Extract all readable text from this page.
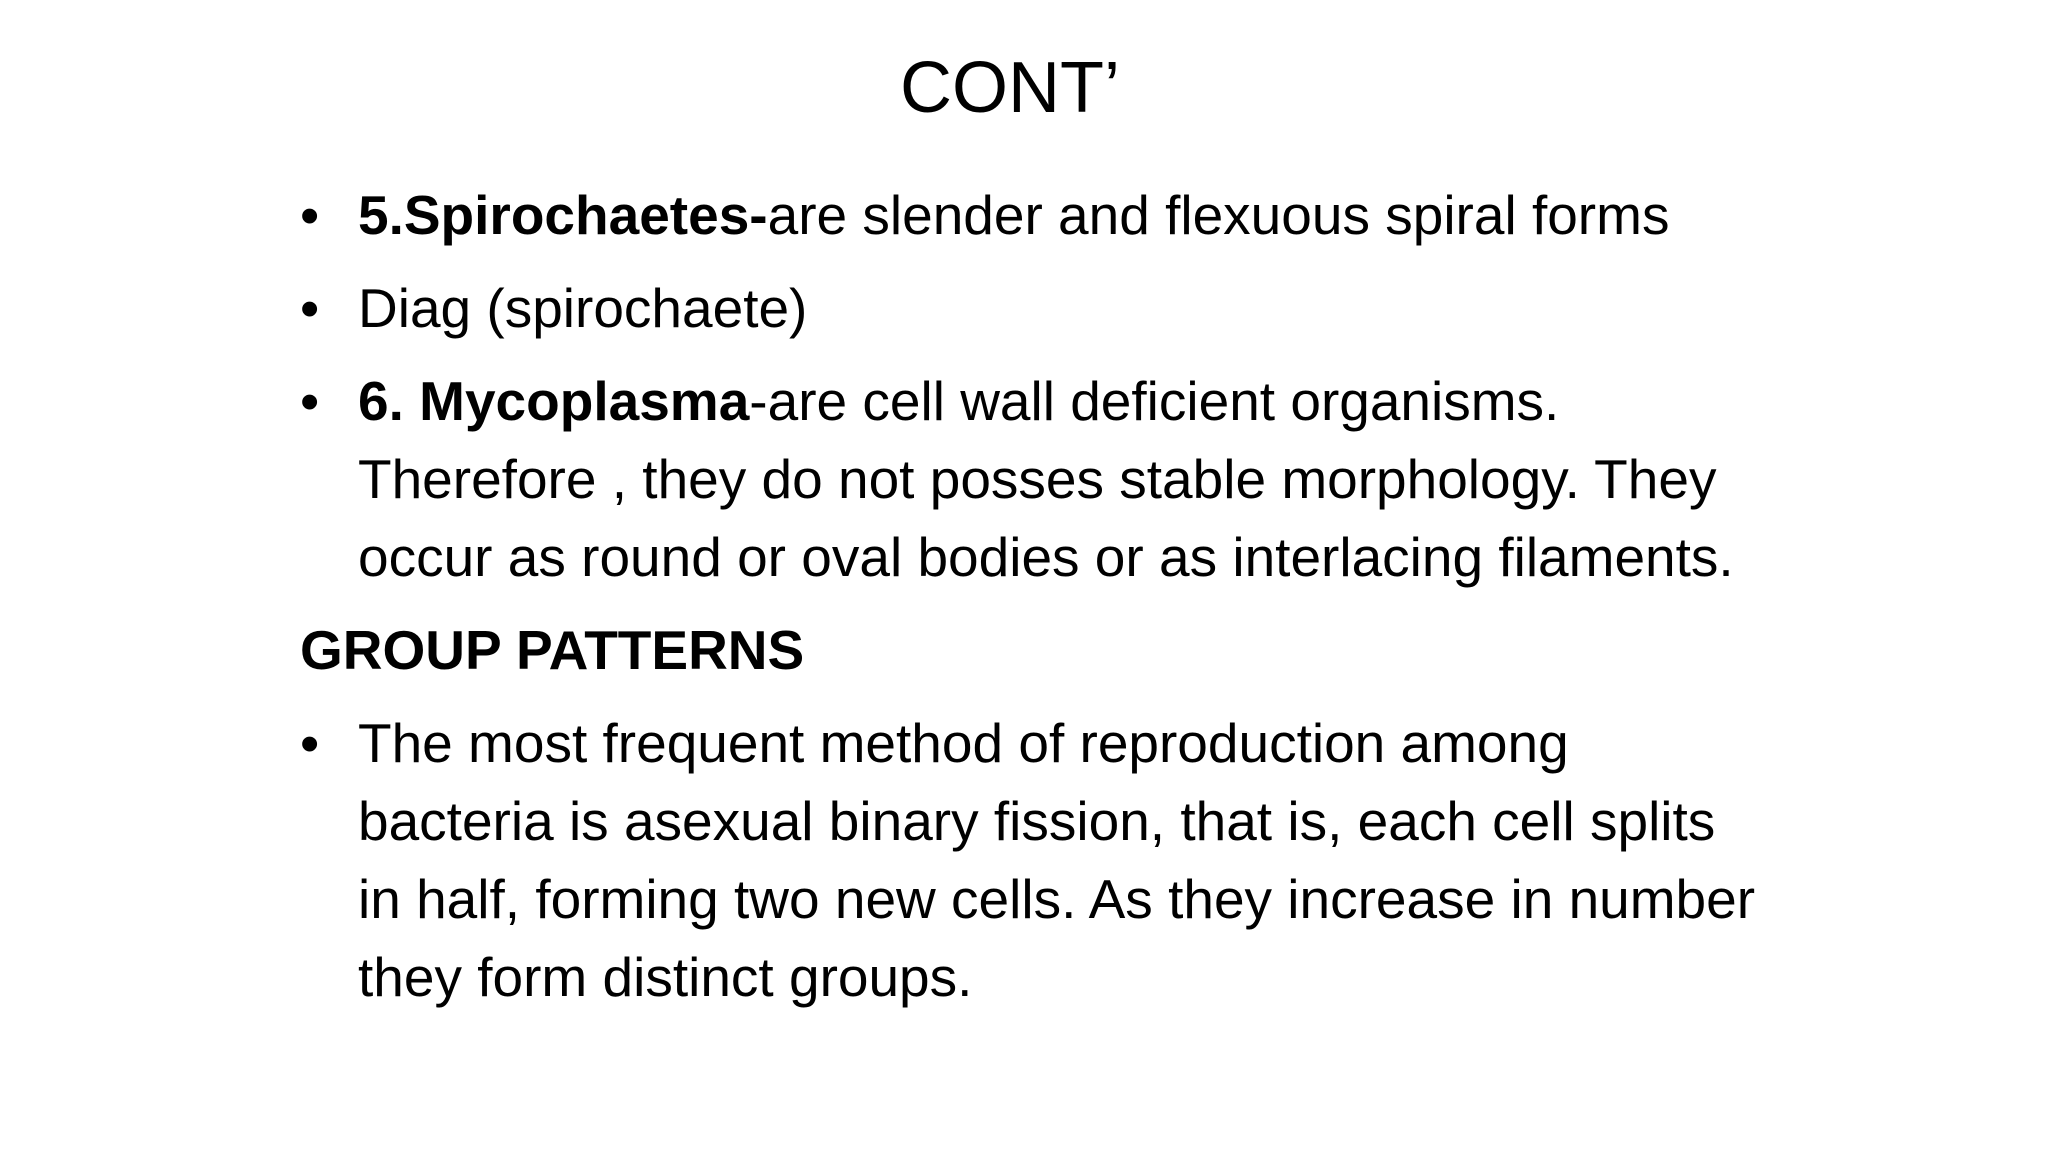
CONT’
• 5.Spirochaetes-are slender and flexuous spiral forms
• Diag (spirochaete)
• 6. Mycoplasma-are cell wall deficient organisms. Therefore , they do not posses stable morphology. They occur as round or oval bodies or as interlacing filaments.
GROUP PATTERNS
• The most frequent method of reproduction among bacteria is asexual binary fission, that is, each cell splits in half, forming two new cells. As they increase in number they form distinct groups.
